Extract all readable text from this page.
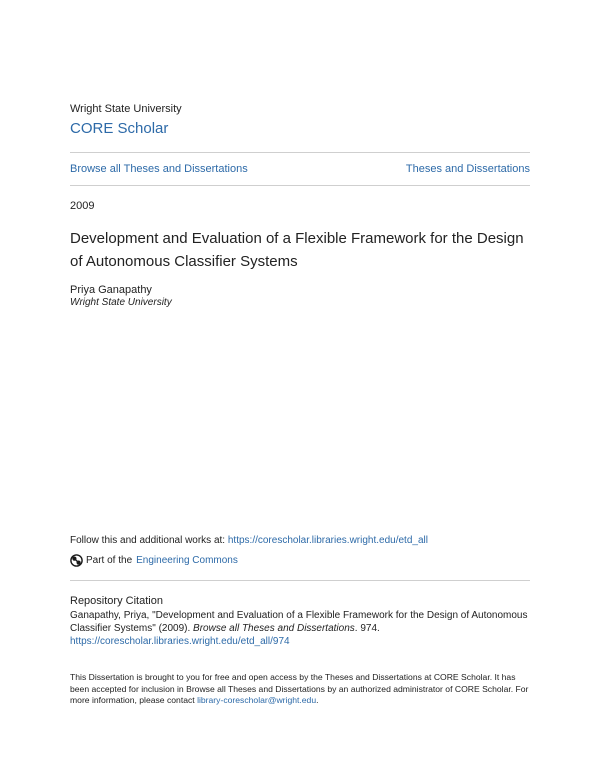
Wright State University
CORE Scholar
Browse all Theses and Dissertations	Theses and Dissertations
2009
Development and Evaluation of a Flexible Framework for the Design of Autonomous Classifier Systems
Priya Ganapathy
Wright State University
Follow this and additional works at: https://corescholar.libraries.wright.edu/etd_all
Part of the Engineering Commons
Repository Citation
Ganapathy, Priya, "Development and Evaluation of a Flexible Framework for the Design of Autonomous Classifier Systems" (2009). Browse all Theses and Dissertations. 974.
https://corescholar.libraries.wright.edu/etd_all/974
This Dissertation is brought to you for free and open access by the Theses and Dissertations at CORE Scholar. It has been accepted for inclusion in Browse all Theses and Dissertations by an authorized administrator of CORE Scholar. For more information, please contact library-corescholar@wright.edu.
